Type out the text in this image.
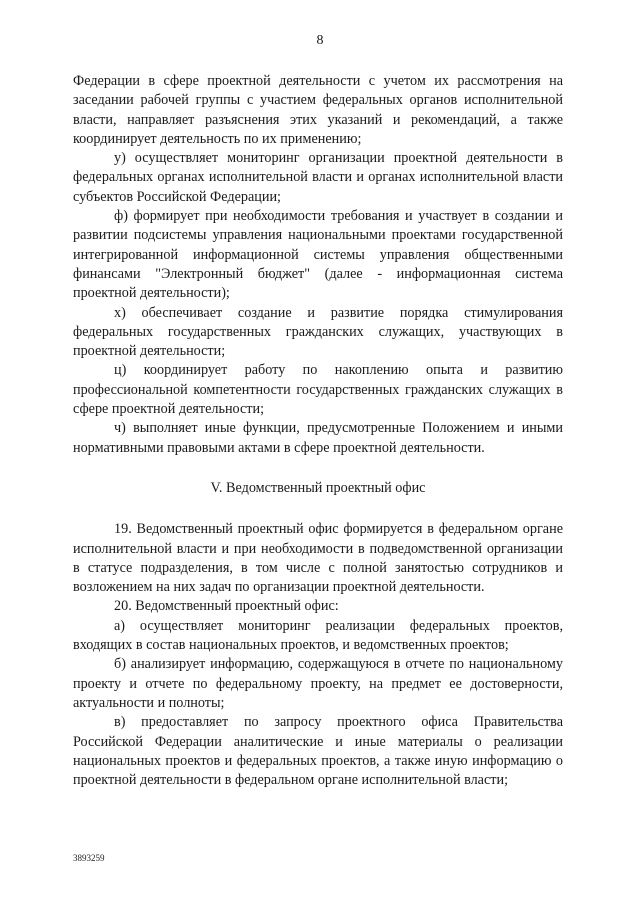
8

Федерации в сфере проектной деятельности с учетом их рассмотрения на заседании рабочей группы с участием федеральных органов исполнительной власти, направляет разъяснения этих указаний и рекомендаций, а также координирует деятельность по их применению;

у) осуществляет мониторинг организации проектной деятельности в федеральных органах исполнительной власти и органах исполнительной власти субъектов Российской Федерации;

ф) формирует при необходимости требования и участвует в создании и развитии подсистемы управления национальными проектами государственной интегрированной информационной системы управления общественными финансами "Электронный бюджет" (далее - информационная система проектной деятельности);

х) обеспечивает создание и развитие порядка стимулирования федеральных государственных гражданских служащих, участвующих в проектной деятельности;

ц) координирует работу по накоплению опыта и развитию профессиональной компетентности государственных гражданских служащих в сфере проектной деятельности;

ч) выполняет иные функции, предусмотренные Положением и иными нормативными правовыми актами в сфере проектной деятельности.

V. Ведомственный проектный офис

19. Ведомственный проектный офис формируется в федеральном органе исполнительной власти и при необходимости в подведомственной организации в статусе подразделения, в том числе с полной занятостью сотрудников и возложением на них задач по организации проектной деятельности.

20. Ведомственный проектный офис:

а) осуществляет мониторинг реализации федеральных проектов, входящих в состав национальных проектов, и ведомственных проектов;

б) анализирует информацию, содержащуюся в отчете по национальному проекту и отчете по федеральному проекту, на предмет ее достоверности, актуальности и полноты;

в) предоставляет по запросу проектного офиса Правительства Российской Федерации аналитические и иные материалы о реализации национальных проектов и федеральных проектов, а также иную информацию о проектной деятельности в федеральном органе исполнительной власти;

3893259
